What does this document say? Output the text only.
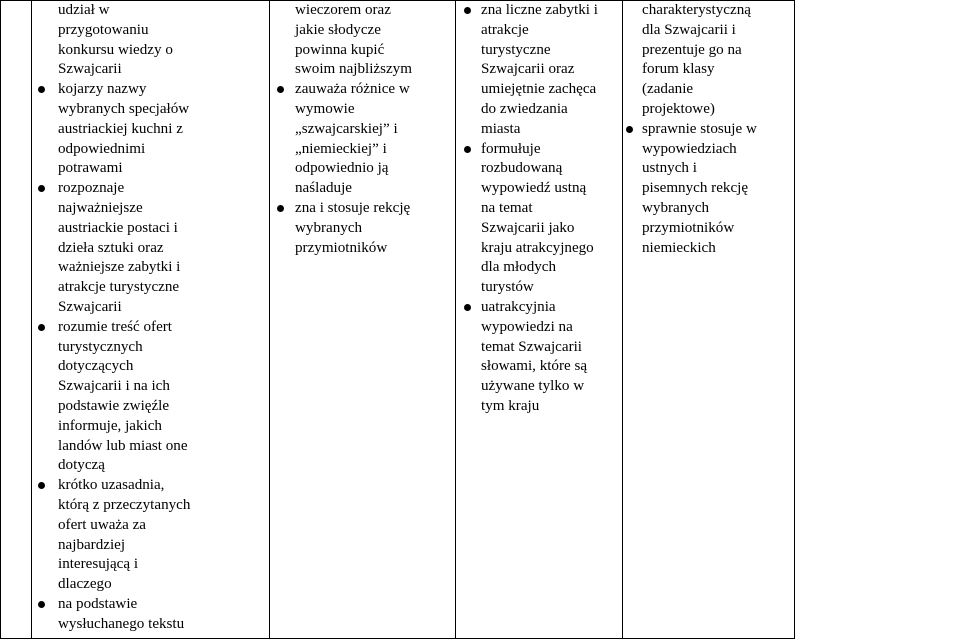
udział w
przygotowaniu
konkursu wiedzy o
Szwajcarii
kojarzy nazwy
wybranych specjałów
austriackiej kuchni z
odpowiednimi
potrawami
rozpoznaje
najważniejsze
austriackie postaci i
dzieła sztuki oraz
ważniejsze zabytki i
atrakcje turystyczne
Szwajcarii
rozumie treść ofert
turystycznych
dotyczących
Szwajcarii i na ich
podstawie zwięźle
informuje, jakich
landów lub miast one
dotyczą
krótko uzasadnia,
którą z przeczytanych
ofert uważa za
najbardziej
interesującą i
dlaczego
na podstawie
wysłuchanego tekstu

wieczorem oraz
jakie słodycze
powinna kupić
swoim najbliższym
zauważa różnice w
wymowie
„szwajcarskiej” i
„niemieckiej” i
odpowiednio ją
naśladuje
zna i stosuje rekcję
wybranych
przymiotników

zna liczne zabytki i
atrakcje
turystyczne
Szwajcarii oraz
umiejętnie zachęca
do zwiedzania
miasta
formułuje
rozbudowaną
wypowiedź ustną
na temat
Szwajcarii jako
kraju atrakcyjnego
dla młodych
turystów
uatrakcyjnia
wypowiedzi na
temat Szwajcarii
słowami, które są
używane tylko w
tym kraju

charakterystyczną
dla Szwajcarii i
prezentuje go na
forum klasy
(zadanie
projektowe)
sprawnie stosuje w
wypowiedziach
ustnych i
pisemnych rekcję
wybranych
przymiotników
niemieckich
